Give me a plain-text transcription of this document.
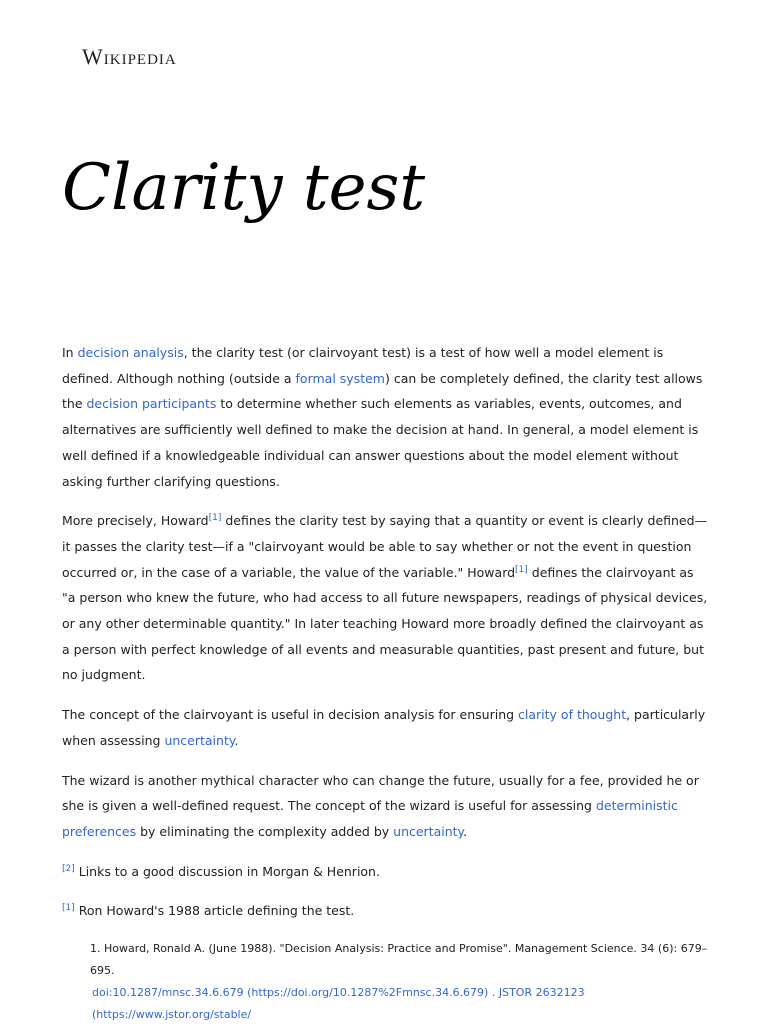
Wikipedia
Clarity test

In decision analysis, the clarity test (or clairvoyant test) is a test of how well a model element is defined. Although nothing (outside a formal system) can be completely defined, the clarity test allows the decision participants to determine whether such elements as variables, events, outcomes, and alternatives are sufficiently well defined to make the decision at hand. In general, a model element is well defined if a knowledgeable individual can answer questions about the model element without asking further clarifying questions.

More precisely, Howard[1] defines the clarity test by saying that a quantity or event is clearly defined—it passes the clarity test—if a "clairvoyant would be able to say whether or not the event in question occurred or, in the case of a variable, the value of the variable." Howard[1] defines the clairvoyant as "a person who knew the future, who had access to all future newspapers, readings of physical devices, or any other determinable quantity." In later teaching Howard more broadly defined the clairvoyant as a person with perfect knowledge of all events and measurable quantities, past present and future, but no judgment.

The concept of the clairvoyant is useful in decision analysis for ensuring clarity of thought, particularly when assessing uncertainty.

The wizard is another mythical character who can change the future, usually for a fee, provided he or she is given a well-defined request. The concept of the wizard is useful for assessing deterministic preferences by eliminating the complexity added by uncertainty.

[2] Links to a good discussion in Morgan & Henrion.
[1] Ron Howard's 1988 article defining the test.
1. Howard, Ronald A. (June 1988). "Decision Analysis: Practice and Promise". Management Science. 34 (6): 679–695.
doi:10.1287/mnsc.34.6.679 (https://doi.org/10.1287%2Fmnsc.34.6.679) . JSTOR 2632123 (https://www.jstor.org/stable/
